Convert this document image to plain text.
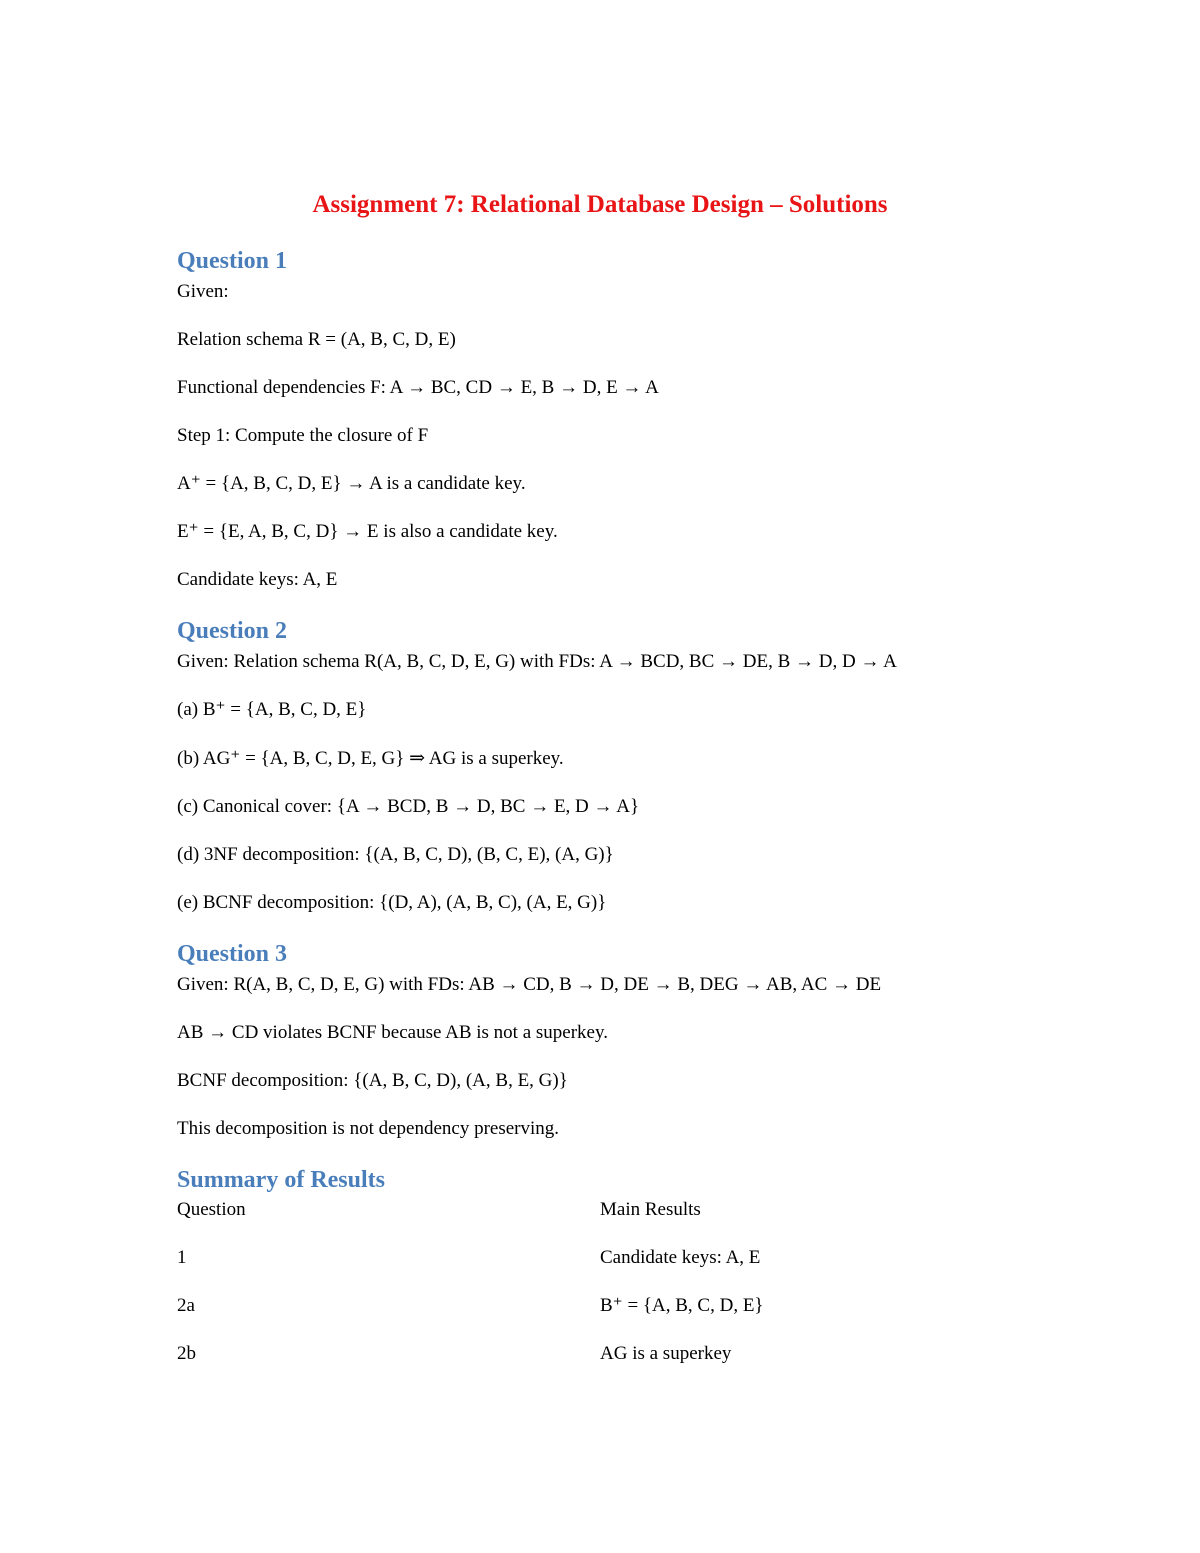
Assignment 7: Relational Database Design – Solutions
Question 1

Given:

Relation schema R = (A, B, C, D, E)

Functional dependencies F: A → BC, CD → E, B → D, E → A

Step 1: Compute the closure of F

A⁺ = {A, B, C, D, E} → A is a candidate key.

E⁺ = {E, A, B, C, D} → E is also a candidate key.

Candidate keys: A, E

Question 2

Given: Relation schema R(A, B, C, D, E, G) with FDs: A → BCD, BC → DE, B → D, D → A

(a) B⁺ = {A, B, C, D, E}

(b) AG⁺ = {A, B, C, D, E, G} ⇒ AG is a superkey.

(c) Canonical cover: {A → BCD, B → D, BC → E, D → A}

(d) 3NF decomposition: {(A, B, C, D), (B, C, E), (A, G)}

(e) BCNF decomposition: {(D, A), (A, B, C), (A, E, G)}

Question 3

Given: R(A, B, C, D, E, G) with FDs: AB → CD, B → D, DE → B, DEG → AB, AC → DE

AB → CD violates BCNF because AB is not a superkey.

BCNF decomposition: {(A, B, C, D), (A, B, E, G)}

This decomposition is not dependency preserving.

Summary of Results
Question	Main Results
1	Candidate keys: A, E
2a	B⁺ = {A, B, C, D, E}
2b	AG is a superkey
